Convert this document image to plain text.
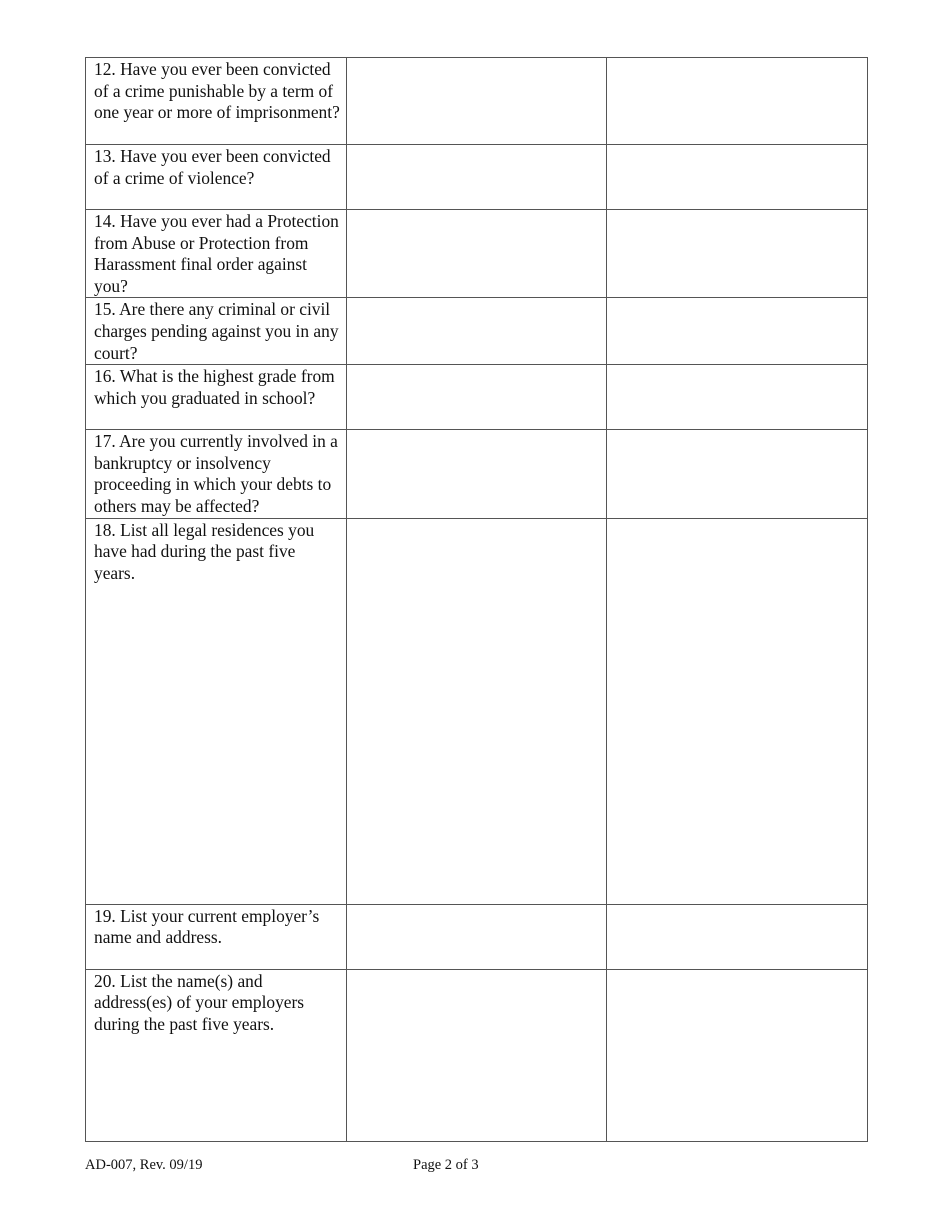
12. Have you ever been convicted of a crime punishable by a term of one year or more of imprisonment?		
13. Have you ever been convicted of a crime of violence?		
14. Have you ever had a Protection from Abuse or Protection from Harassment final order against you?		
15. Are there any criminal or civil charges pending against you in any court?		
16. What is the highest grade from which you graduated in school?		
17. Are you currently involved in a bankruptcy or insolvency proceeding in which your debts to others may be affected?		
18. List all legal residences you have had during the past five years.		
19. List your current employer’s name and address.		
20. List the name(s) and address(es) of your employers during the past five years.		
AD-007, Rev. 09/19	Page 2 of 3
